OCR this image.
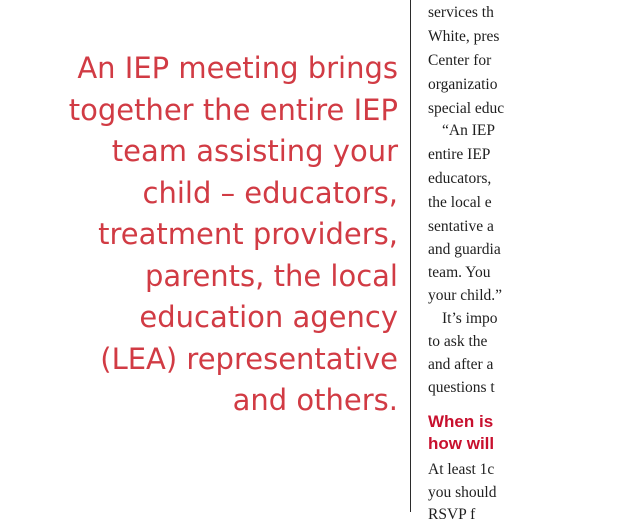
An IEP meeting brings
together the entire IEP
team assisting your
child – educators,
treatment providers,
parents, the local
education agency
(LEA) representative
and others.
services th
White, pres
Center for
organizatio
special educ
“An IEP
entire IEP
educators,
the local e
sentative a
and guardia
team. You
your child.”
It’s impo
to ask the
and after a
questions t
When is
how will
At least 1c
you should
RSVP f
